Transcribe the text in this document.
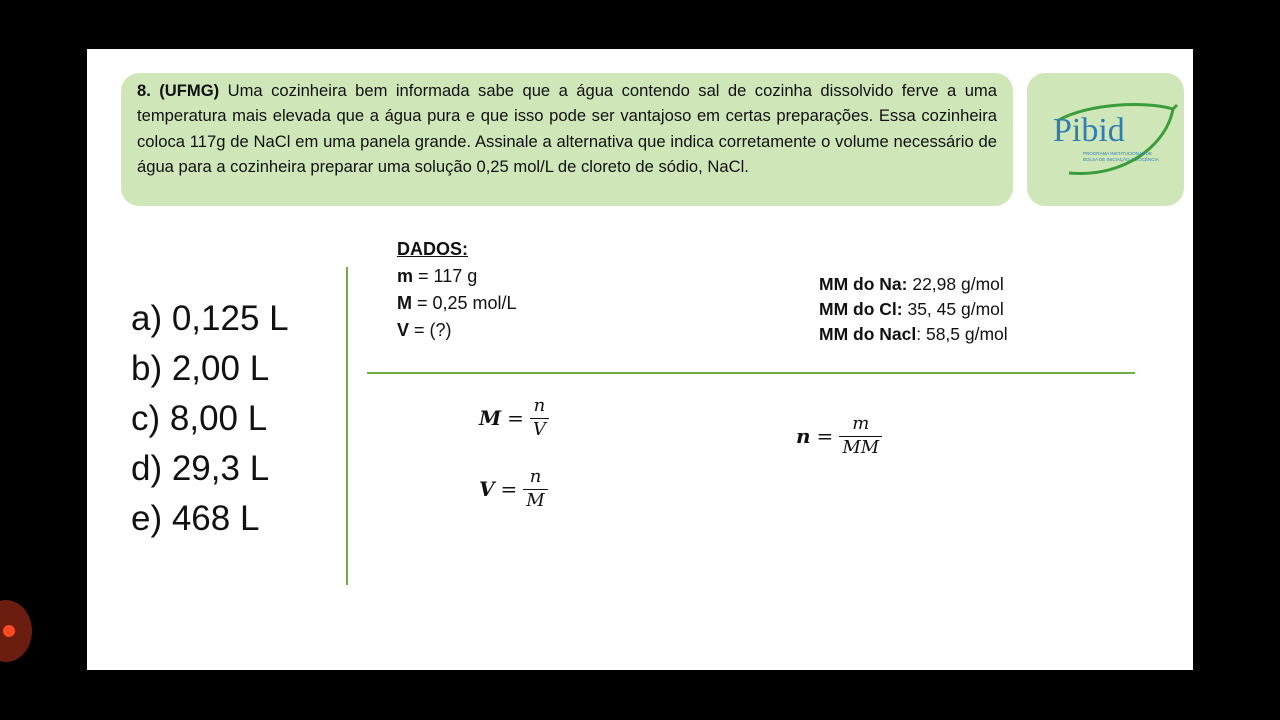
8. (UFMG) Uma cozinheira bem informada sabe que a água contendo sal de cozinha dissolvido ferve a uma temperatura mais elevada que a água pura e que isso pode ser vantajoso em certas preparações. Essa cozinheira coloca 117g de NaCl em uma panela grande. Assinale a alternativa que indica corretamente o volume necessário de água para a cozinheira preparar uma solução 0,25 mol/L de cloreto de sódio, NaCl.
Pibid
PROGRAMA INSTITUCIONAL DE
BOLSA DE INICIAÇÃO À DOCÊNCIA
a) 0,125 L
b) 2,00 L
c) 8,00 L
d) 29,3 L
e) 468 L
DADOS:
m = 117 g
M = 0,25 mol/L
V = (?)
MM do Na: 22,98 g/mol
MM do Cl: 35, 45 g/mol
MM do Nacl: 58,5 g/mol
$M = \frac{n}{V}$
$V = \frac{n}{M}$
$n = \frac{m}{MM}$
